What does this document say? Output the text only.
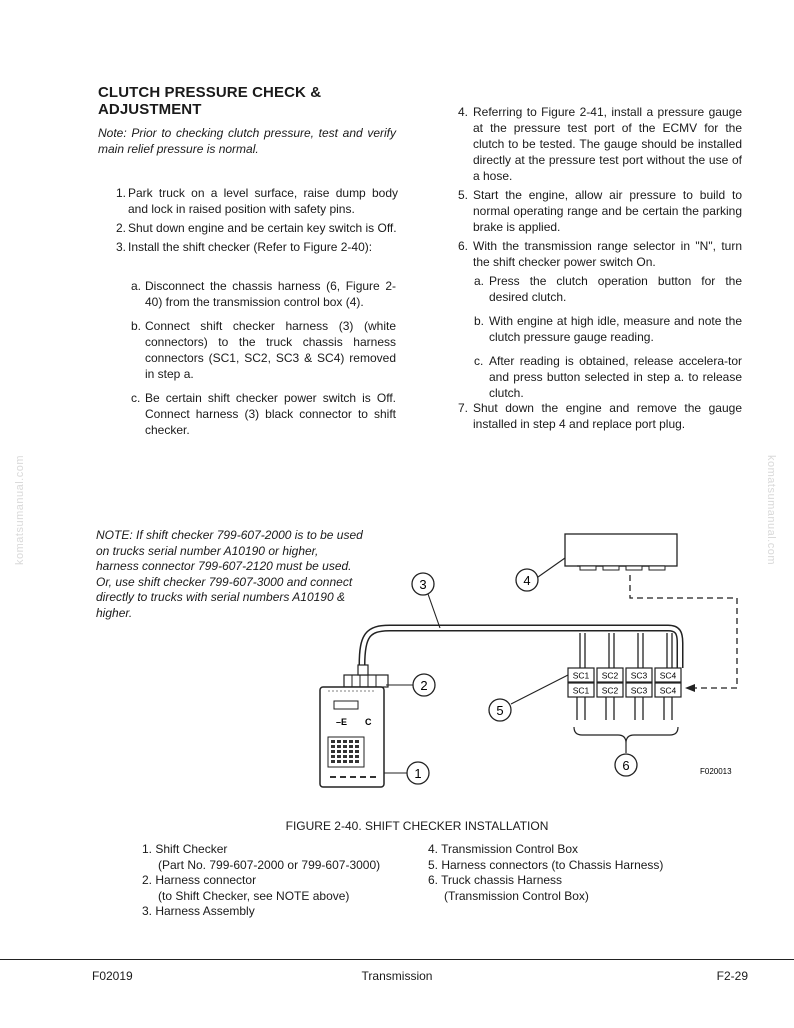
CLUTCH PRESSURE CHECK &
ADJUSTMENT
Note: Prior to checking clutch pressure, test and verify main relief pressure is normal.
1. Park truck on a level surface, raise dump body and lock in raised position with safety pins.
2. Shut down engine and be certain key switch is Off.
3. Install the shift checker (Refer to Figure 2-40):
a. Disconnect the chassis harness (6, Figure 2-40) from the transmission control box (4).
b. Connect shift checker harness (3) (white connectors) to the truck chassis harness connectors (SC1, SC2, SC3 & SC4) removed in step a.
c. Be certain shift checker power switch is Off. Connect harness (3) black connector to shift checker.
4. Referring to Figure 2-41, install a pressure gauge at the pressure test port of the ECMV for the clutch to be tested. The gauge should be installed directly at the pressure test port without the use of a hose.
5. Start the engine, allow air pressure to build to normal operating range and be certain the parking brake is applied.
6. With the transmission range selector in "N", turn the shift checker power switch On.
a. Press the clutch operation button for the desired clutch.
b. With engine at high idle, measure and note the clutch pressure gauge reading.
c. After reading is obtained, release accelera-tor and press button selected in step a. to release clutch.
7. Shut down the engine and remove the gauge installed in step 4 and replace port plug.
komatsumanual.com	komatsumanual.com
NOTE: If shift checker 799-607-2000 is to be used on trucks serial number A10190 or higher, harness connector 799-607-2120 must be used. Or, use shift checker 799-607-3000 and connect directly to trucks with serial numbers A10190 & higher.
SC1 SC2 SC3 SC4
SC1 SC2 SC3 SC4
–E C
3	4
2
5
1
6	F020013
FIGURE 2-40. SHIFT CHECKER INSTALLATION
1. Shift Checker
(Part No. 799-607-2000 or 799-607-3000)
2. Harness connector
(to Shift Checker, see NOTE above)
3. Harness Assembly
4. Transmission Control Box
5. Harness connectors (to Chassis Harness)
6. Truck chassis Harness
(Transmission Control Box)
F02019	Transmission	F2-29
